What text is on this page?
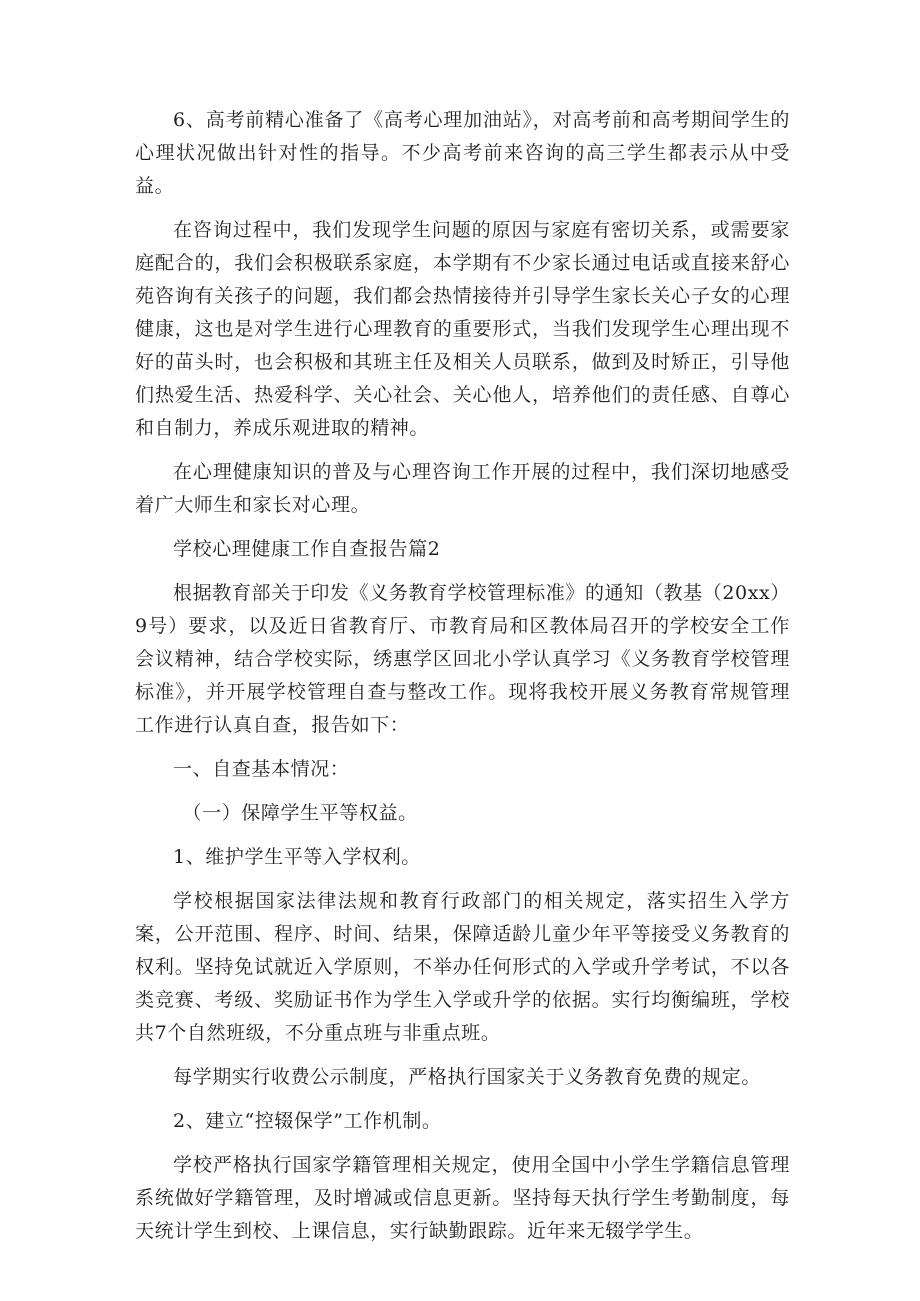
6、高考前精心准备了《高考心理加油站》，对高考前和高考期间学生的心理状况做出针对性的指导。不少高考前来咨询的高三学生都表示从中受益。

在咨询过程中，我们发现学生问题的原因与家庭有密切关系，或需要家庭配合的，我们会积极联系家庭，本学期有不少家长通过电话或直接来舒心苑咨询有关孩子的问题，我们都会热情接待并引导学生家长关心子女的心理健康，这也是对学生进行心理教育的重要形式，当我们发现学生心理出现不好的苗头时，也会积极和其班主任及相关人员联系，做到及时矫正，引导他们热爱生活、热爱科学、关心社会、关心他人，培养他们的责任感、自尊心和自制力，养成乐观进取的精神。

在心理健康知识的普及与心理咨询工作开展的过程中，我们深切地感受着广大师生和家长对心理。

学校心理健康工作自查报告篇2

根据教育部关于印发《义务教育学校管理标准》的通知（教基（20xx）9号）要求，以及近日省教育厅、市教育局和区教体局召开的学校安全工作会议精神，结合学校实际，绣惠学区回北小学认真学习《义务教育学校管理标准》，并开展学校管理自查与整改工作。现将我校开展义务教育常规管理工作进行认真自查，报告如下：

一、自查基本情况：

（一）保障学生平等权益。

1、维护学生平等入学权利。

学校根据国家法律法规和教育行政部门的相关规定，落实招生入学方案，公开范围、程序、时间、结果，保障适龄儿童少年平等接受义务教育的权利。坚持免试就近入学原则，不举办任何形式的入学或升学考试，不以各类竞赛、考级、奖励证书作为学生入学或升学的依据。实行均衡编班，学校共7个自然班级，不分重点班与非重点班。

每学期实行收费公示制度，严格执行国家关于义务教育免费的规定。

2、建立“控辍保学”工作机制。

学校严格执行国家学籍管理相关规定，使用全国中小学生学籍信息管理系统做好学籍管理，及时增减或信息更新。坚持每天执行学生考勤制度，每天统计学生到校、上课信息，实行缺勤跟踪。近年来无辍学学生。
